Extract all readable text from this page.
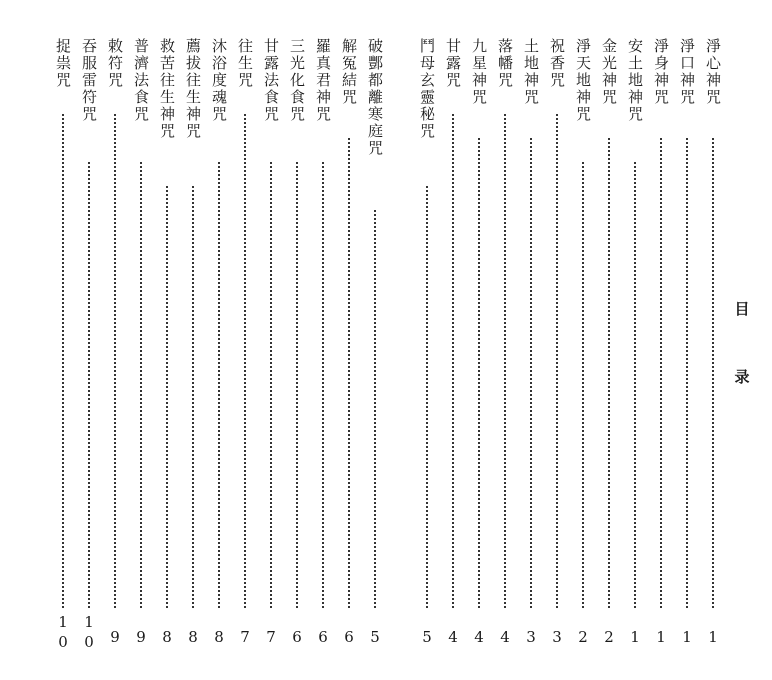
目
录
淨心神咒
1
淨口神咒
1
淨身神咒
1
安土地神咒
1
金光神咒
2
淨天地神咒
2
祝香咒
3
土地神咒
3
落幡咒
4
九星神咒
4
甘露咒
4
鬥母玄靈秘咒
5
破酆都離寒庭咒
5
解冤結咒
6
羅真君神咒
6
三光化食咒
6
甘露法食咒
7
往生咒
7
沐浴度魂咒
8
薦拔往生神咒
8
救苦往生神咒
8
普濟法食咒
9
敕符咒
9
吞服雷符咒
10
捉祟咒
10
